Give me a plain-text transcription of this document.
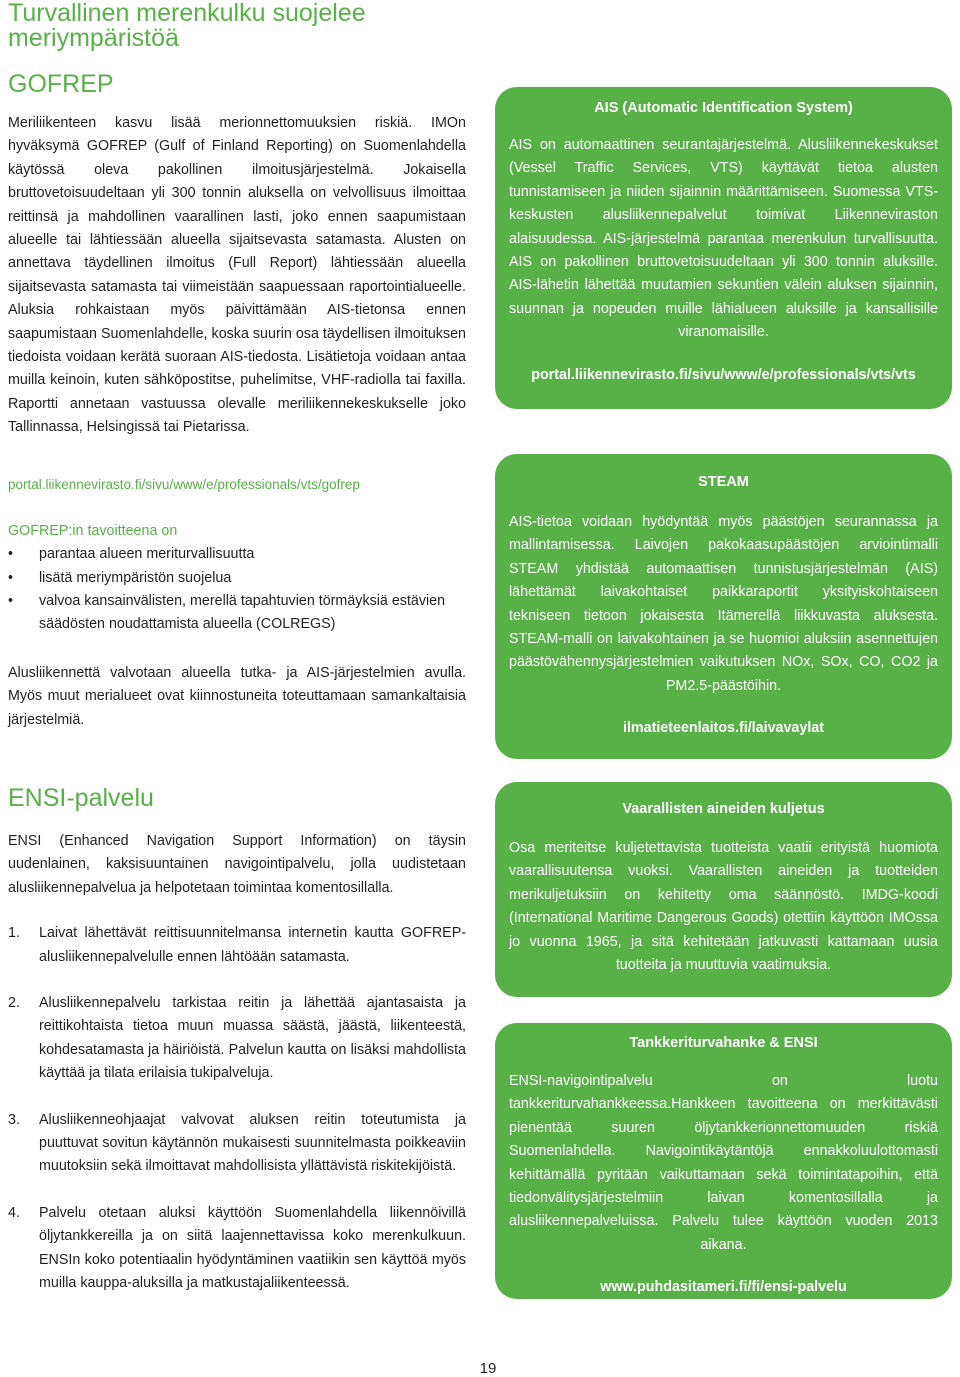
Turvallinen merenkulku suojelee meriympäristöä
GOFREP

Meriliikenteen kasvu lisää merionnettomuuksien riskiä. IMOn hyväksymä GOFREP (Gulf of Finland Reporting) on Suomenlahdella käytössä oleva pakollinen ilmoitusjärjestelmä. Jokaisella bruttovetoisuudeltaan yli 300 tonnin aluksella on velvollisuus ilmoittaa reittinsä ja mahdollinen vaarallinen lasti, joko ennen saapumistaan alueelle tai lähtiessään alueella sijaitsevasta satamasta. Alusten on annettava täydellinen ilmoitus (Full Report) lähtiessään alueella sijaitsevasta satamasta tai viimeistään saapuessaan raportointialueelle. Aluksia rohkaistaan myös päivittämään AIS-tietonsa ennen saapumistaan Suomenlahdelle, koska suurin osa täydellisen ilmoituksen tiedoista voidaan kerätä suoraan AIS-tiedosta. Lisätietoja voidaan antaa muilla keinoin, kuten sähköpostitse, puhelimitse, VHF-radiolla tai faxilla. Raportti annetaan vastuussa olevalle meriliikennekeskukselle joko Tallinnassa, Helsingissä tai Pietarissa.

portal.liikennevirasto.fi/sivu/www/e/professionals/vts/gofrep
GOFREP:in tavoitteena on
• parantaa alueen meriturvallisuutta
• lisätä meriympäristön suojelua
• valvoa kansainvälisten, merellä tapahtuvien törmäyksiä estävien säädösten noudattamista alueella (COLREGS)

Alusliikennettä valvotaan alueella tutka- ja AIS-järjestelmien avulla. Myös muut merialueet ovat kiinnostuneita toteuttamaan samankaltaisia järjestelmiä.

ENSI-palvelu

ENSI (Enhanced Navigation Support Information) on täysin uudenlainen, kaksisuuntainen navigointipalvelu, jolla uudistetaan alusliikennepalvelua ja helpotetaan toimintaa komentosillalla.

1. Laivat lähettävät reittisuunnitelmansa internetin kautta GOFREP-alusliikennepalvelulle ennen lähtöään satamasta.
2. Alusliikennepalvelu tarkistaa reitin ja lähettää ajantasaista ja reittikohtaista tietoa muun muassa säästä, jäästä, liikenteestä, kohdesatamasta ja häiriöistä. Palvelun kautta on lisäksi mahdollista käyttää ja tilata erilaisia tukipalveluja.
3. Alusliikenneohjaajat valvovat aluksen reitin toteutumista ja puuttuvat sovitun käytännön mukaisesti suunnitelmasta poikkeaviin muutoksiin sekä ilmoittavat mahdollisista yllättävistä riskitekijöistä.
4. Palvelu otetaan aluksi käyttöön Suomenlahdella liikennöivillä öljytankkereilla ja on siitä laajennettavissa koko merenkulkuun. ENSIn koko potentiaalin hyödyntäminen vaatiikin sen käyttöä myös muilla kauppa-aluksilla ja matkustajaliikenteessä.
AIS (Automatic Identification System)

AIS on automaattinen seurantajärjestelmä. Alusliikennekeskukset (Vessel Traffic Services, VTS) käyttävät tietoa alusten tunnistamiseen ja niiden sijainnin määrittämiseen. Suomessa VTS-keskusten alusliikennepalvelut toimivat Liikenneviraston alaisuudessa. AIS-järjestelmä parantaa merenkulun turvallisuutta. AIS on pakollinen bruttovetoisuudeltaan yli 300 tonnin aluksille. AIS-lähetin lähettää muutamien sekuntien välein aluksen sijainnin, suunnan ja nopeuden muille lähialueen aluksille ja kansallisille viranomaisille.

portal.liikennevirasto.fi/sivu/www/e/professionals/vts/vts
STEAM

AIS-tietoa voidaan hyödyntää myös päästöjen seurannassa ja mallintamisessa. Laivojen pakokaasupäästöjen arviointimalli STEAM yhdistää automaattisen tunnistusjärjestelmän (AIS) lähettämät laivakohtaiset paikkaraportit yksityiskohtaiseen tekniseen tietoon jokaisesta Itämerellä liikkuvasta aluksesta. STEAM-malli on laivakohtainen ja se huomioi aluksiin asennettujen päästövähennysjärjestelmien vaikutuksen NOx, SOx, CO, CO2 ja PM2.5-päästöihin.

ilmatieteenlaitos.fi/laivavaylat
Vaarallisten aineiden kuljetus

Osa meriteitse kuljetettavista tuotteista vaatii erityistä huomiota vaarallisuutensa vuoksi. Vaarallisten aineiden ja tuotteiden merikuljetuksiin on kehitetty oma säännöstö. IMDG-koodi (International Maritime Dangerous Goods) otettiin käyttöön IMOssa jo vuonna 1965, ja sitä kehitetään jatkuvasti kattamaan uusia tuotteita ja muuttuvia vaatimuksia.

Tankkeriturvahanke & ENSI

ENSI-navigointipalvelu on luotu tankkeriturvahankkeessa.Hankkeen tavoitteena on merkittävästi pienentää suuren öljytankkerionnettomuuden riskiä Suomenlahdella. Navigointikäytäntöjä ennakkoluulottomasti kehittämällä pyritään vaikuttamaan sekä toimintatapoihin, että tiedonvälitysjärjestelmiin laivan komentosillalla ja alusliikennepalveluissa. Palvelu tulee käyttöön vuoden 2013 aikana.

www.puhdasitameri.fi/fi/ensi-palvelu
19
